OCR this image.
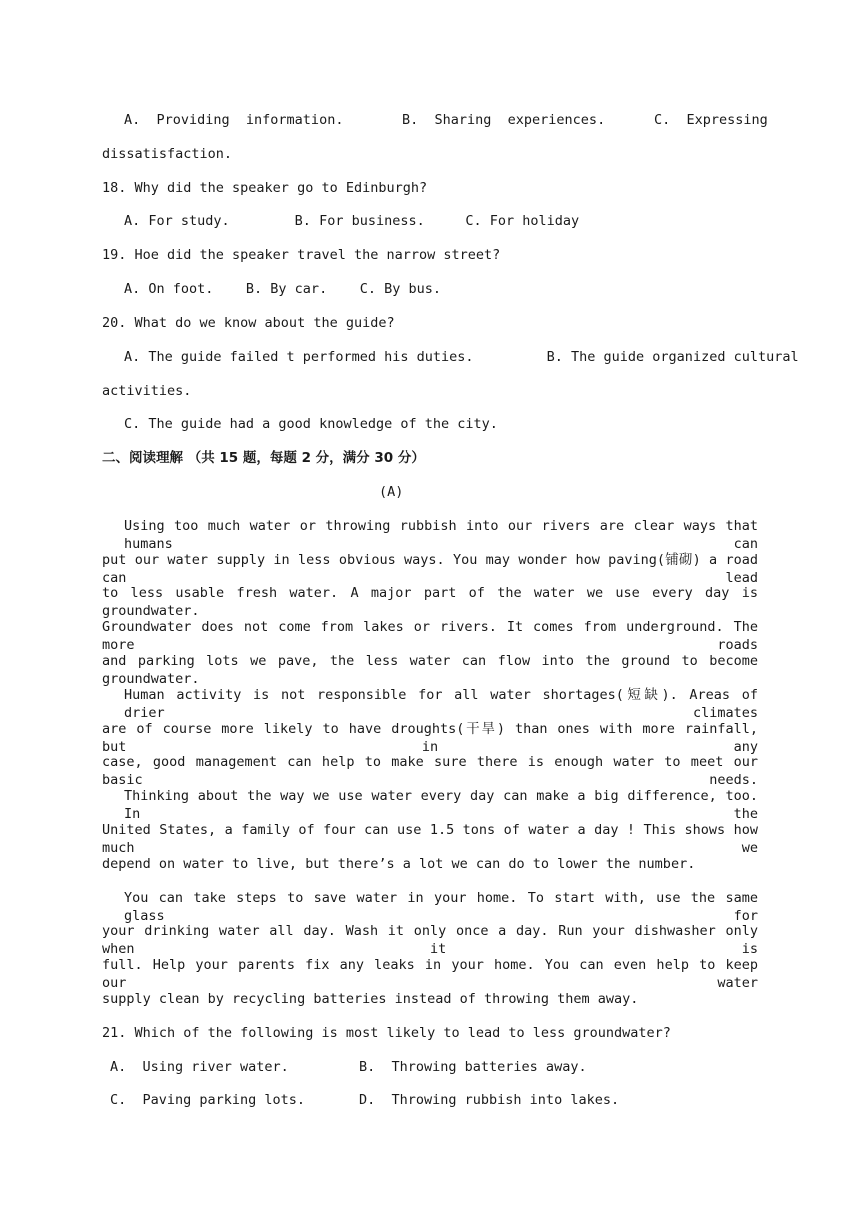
A.  Providing  information.	B.  Sharing  experiences.	C.  Expressing
dissatisfaction.
18. Why did the speaker go to Edinburgh?
A. For study.        B. For business.     C. For holiday
19. Hoe did the speaker travel the narrow street?
A. On foot.    B. By car.    C. By bus.
20. What do we know about the guide?
A. The guide failed t performed his duties.         B. The guide organized cultural
activities.
C. The guide had a good knowledge of the city.
二、阅读理解 （共 15 题，每题 2 分，满分 30 分）
(A)
Using too much water or throwing rubbish into our rivers are clear ways that humans can
put our water supply in less obvious ways. You may wonder how paving(铺砌) a road can lead
to less usable fresh water. A major part of the water we use every day is groundwater.
Groundwater does not come from lakes or rivers. It comes from underground. The more roads
and parking lots we pave, the less water can flow into the ground to become groundwater.
Human activity is not responsible for all water shortages(短缺). Areas of drier climates
are of course more likely to have droughts(干旱) than ones with more rainfall, but in any
case, good management can help to make sure there is enough water to meet our basic needs.
Thinking about the way we use water every day can make a big difference, too. In the
United States, a family of four can use 1.5 tons of water a day ! This shows how much we
depend on water to live, but there’s a lot we can do to lower the number.
You can take steps to save water in your home. To start with, use the same glass for
your drinking water all day. Wash it only once a day. Run your dishwasher only when it is
full. Help your parents fix any leaks in your home. You can even help to keep our water
supply clean by recycling batteries instead of throwing them away.
21. Which of the following is most likely to lead to less groundwater?
A.  Using river water.	B.  Throwing batteries away.
C.  Paving parking lots.	D.  Throwing rubbish into lakes.
